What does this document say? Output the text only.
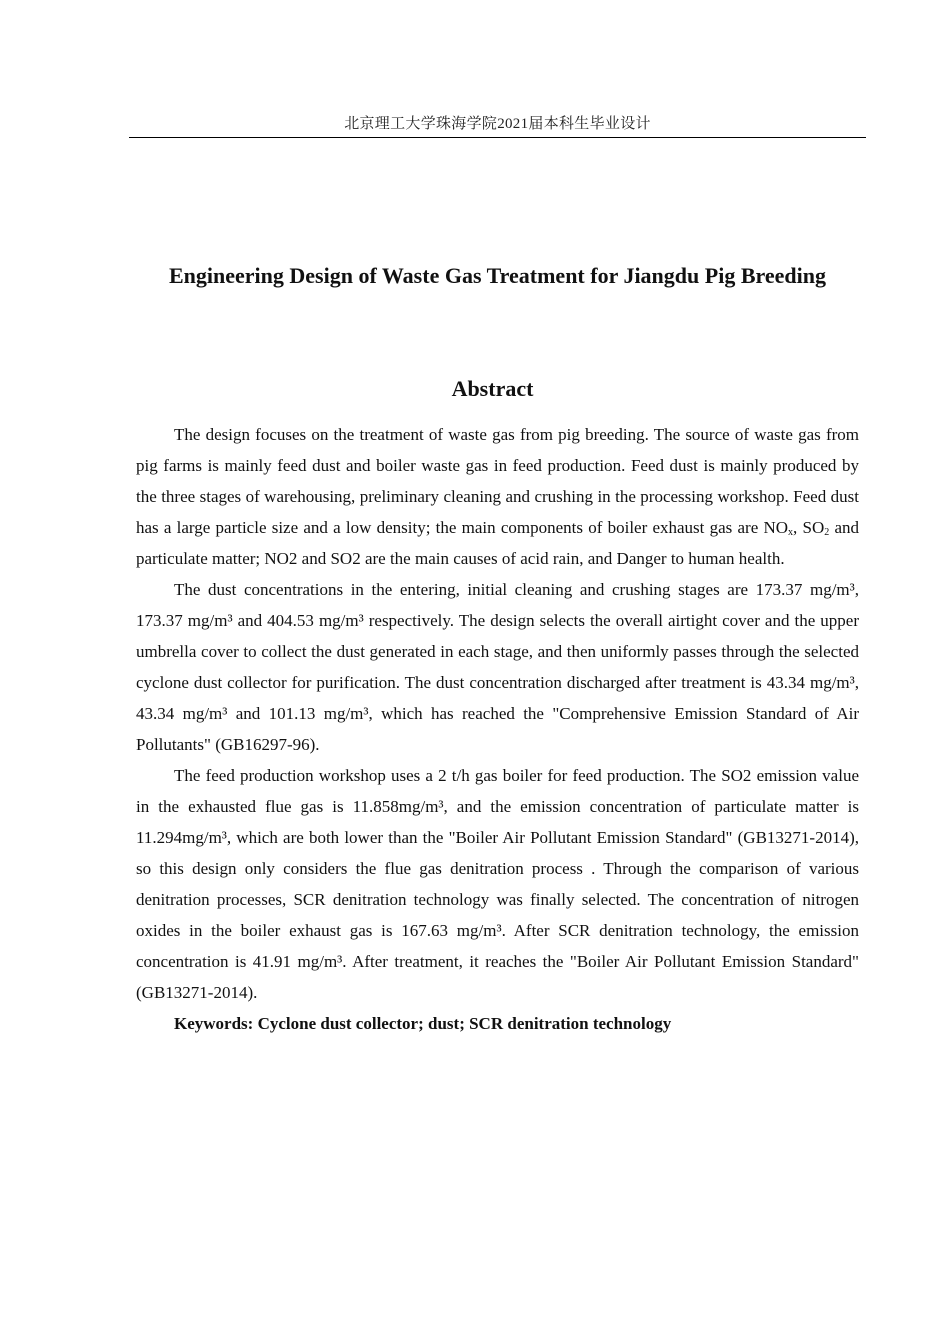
北京理工大学珠海学院2021届本科生毕业设计
Engineering Design of Waste Gas Treatment for Jiangdu Pig Breeding
Abstract

The design focuses on the treatment of waste gas from pig breeding. The source of waste gas from pig farms is mainly feed dust and boiler waste gas in feed production. Feed dust is mainly produced by the three stages of warehousing, preliminary cleaning and crushing in the processing workshop. Feed dust has a large particle size and a low density; the main components of boiler exhaust gas are $NO_x$, $SO_2$ and particulate matter; NO2 and SO2 are the main causes of acid rain, and Danger to human health.

The dust concentrations in the entering, initial cleaning and crushing stages are 173.37 mg/m³, 173.37 mg/m³ and 404.53 mg/m³ respectively. The design selects the overall airtight cover and the upper umbrella cover to collect the dust generated in each stage, and then uniformly passes through the selected cyclone dust collector for purification. The dust concentration discharged after treatment is 43.34 mg/m³, 43.34 mg/m³ and 101.13 mg/m³, which has reached the "Comprehensive Emission Standard of Air Pollutants" (GB16297-96).

The feed production workshop uses a 2 t/h gas boiler for feed production. The SO2 emission value in the exhausted flue gas is 11.858mg/m³, and the emission concentration of particulate matter is 11.294mg/m³, which are both lower than the "Boiler Air Pollutant Emission Standard" (GB13271-2014), so this design only considers the flue gas denitration process . Through the comparison of various denitration processes, SCR denitration technology was finally selected. The concentration of nitrogen oxides in the boiler exhaust gas is 167.63 mg/m³. After SCR denitration technology, the emission concentration is 41.91 mg/m³. After treatment, it reaches the "Boiler Air Pollutant Emission Standard" (GB13271-2014).

Keywords: Cyclone dust collector; dust; SCR denitration technology
